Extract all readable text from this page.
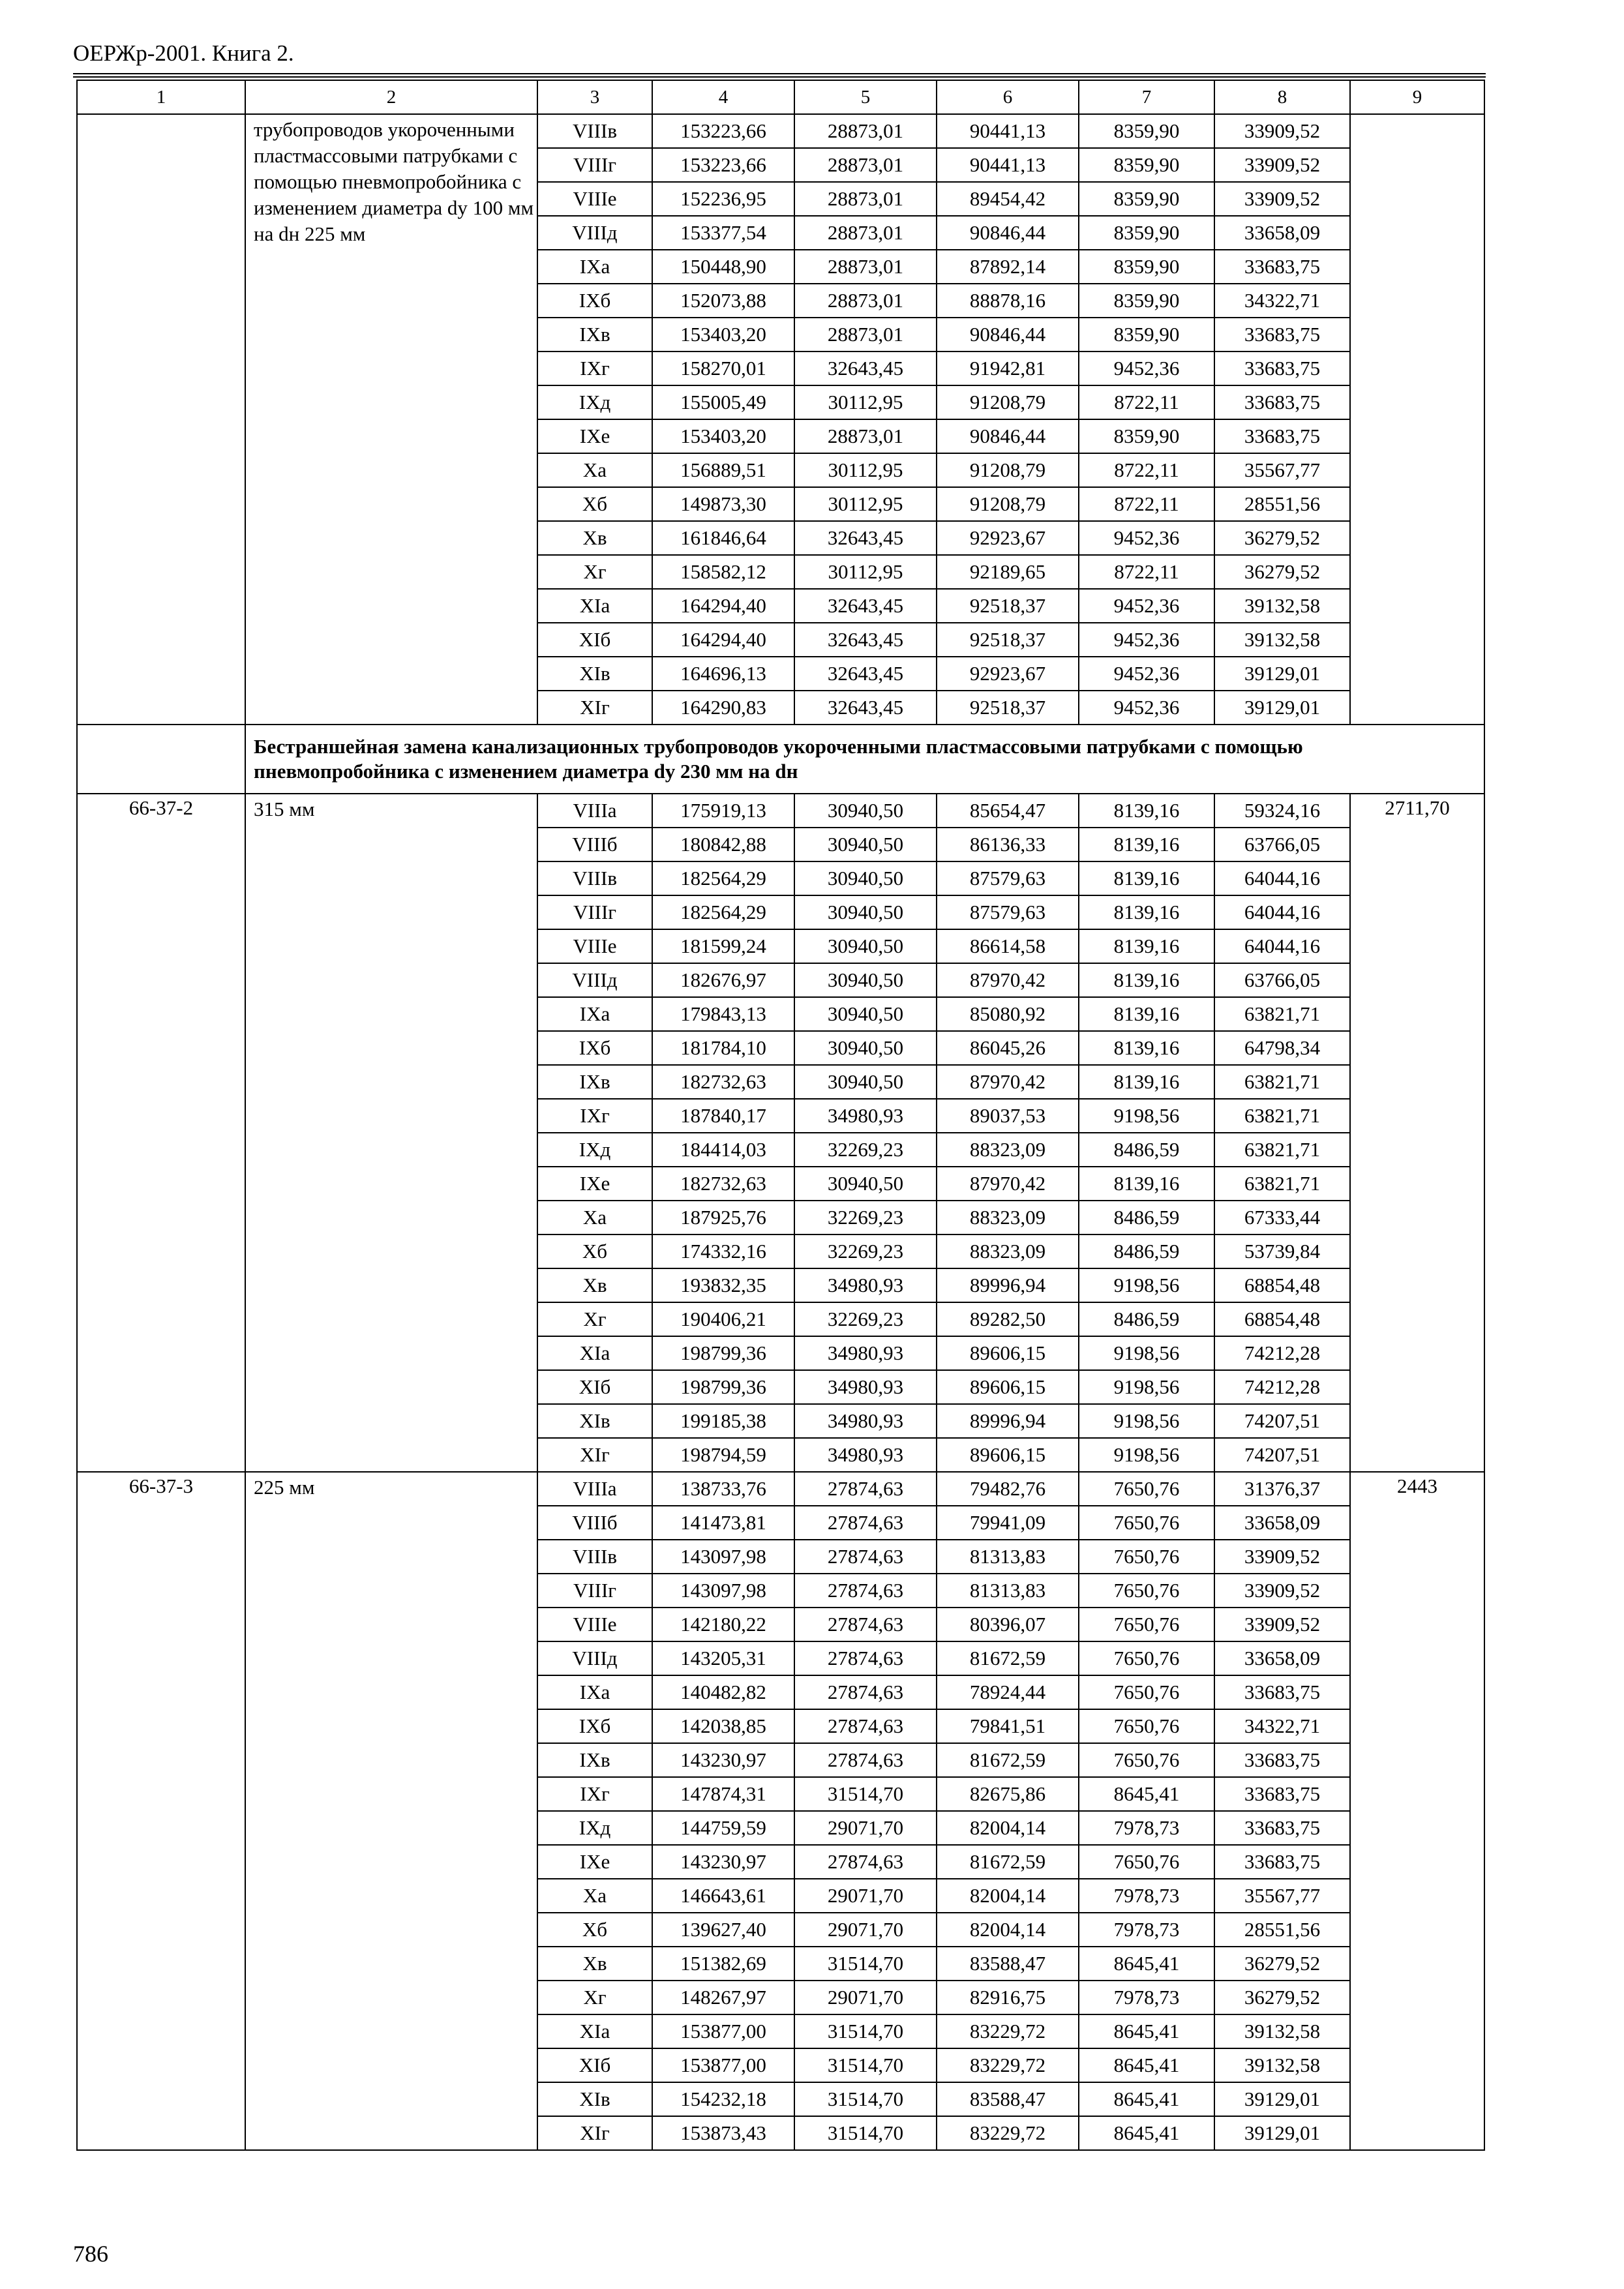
ОЕРЖр-2001. Книга 2.
1	2	3	4	5	6	7	8	9
	трубопроводов укороченными пластмассовыми патрубками с помощью пневмопробойника с изменением диаметра dу 100 мм на dн 225 мм	VIIIв	153223,66	28873,01	90441,13	8359,90	33909,52	
		VIIIг	153223,66	28873,01	90441,13	8359,90	33909,52	
		VIIIе	152236,95	28873,01	89454,42	8359,90	33909,52	
		VIIIд	153377,54	28873,01	90846,44	8359,90	33658,09	
		IXа	150448,90	28873,01	87892,14	8359,90	33683,75	
		IXб	152073,88	28873,01	88878,16	8359,90	34322,71	
		IXв	153403,20	28873,01	90846,44	8359,90	33683,75	
		IXг	158270,01	32643,45	91942,81	9452,36	33683,75	
		IXд	155005,49	30112,95	91208,79	8722,11	33683,75	
		IXе	153403,20	28873,01	90846,44	8359,90	33683,75	
		Xа	156889,51	30112,95	91208,79	8722,11	35567,77	
		Xб	149873,30	30112,95	91208,79	8722,11	28551,56	
		Xв	161846,64	32643,45	92923,67	9452,36	36279,52	
		Xг	158582,12	30112,95	92189,65	8722,11	36279,52	
		XIа	164294,40	32643,45	92518,37	9452,36	39132,58	
		XIб	164294,40	32643,45	92518,37	9452,36	39132,58	
		XIв	164696,13	32643,45	92923,67	9452,36	39129,01	
		XIг	164290,83	32643,45	92518,37	9452,36	39129,01	
	Бестраншейная замена канализационных трубопроводов укороченными пластмассовыми патрубками с помощью пневмопробойника с изменением диаметра dу 230 мм на dн							
66-37-2	315 мм	VIIIа	175919,13	30940,50	85654,47	8139,16	59324,16	2711,70
		VIIIб	180842,88	30940,50	86136,33	8139,16	63766,05	
		VIIIв	182564,29	30940,50	87579,63	8139,16	64044,16	
		VIIIг	182564,29	30940,50	87579,63	8139,16	64044,16	
		VIIIе	181599,24	30940,50	86614,58	8139,16	64044,16	
		VIIIд	182676,97	30940,50	87970,42	8139,16	63766,05	
		IXа	179843,13	30940,50	85080,92	8139,16	63821,71	
		IXб	181784,10	30940,50	86045,26	8139,16	64798,34	
		IXв	182732,63	30940,50	87970,42	8139,16	63821,71	
		IXг	187840,17	34980,93	89037,53	9198,56	63821,71	
		IXд	184414,03	32269,23	88323,09	8486,59	63821,71	
		IXе	182732,63	30940,50	87970,42	8139,16	63821,71	
		Xа	187925,76	32269,23	88323,09	8486,59	67333,44	
		Xб	174332,16	32269,23	88323,09	8486,59	53739,84	
		Xв	193832,35	34980,93	89996,94	9198,56	68854,48	
		Xг	190406,21	32269,23	89282,50	8486,59	68854,48	
		XIа	198799,36	34980,93	89606,15	9198,56	74212,28	
		XIб	198799,36	34980,93	89606,15	9198,56	74212,28	
		XIв	199185,38	34980,93	89996,94	9198,56	74207,51	
		XIг	198794,59	34980,93	89606,15	9198,56	74207,51	
66-37-3	225 мм	VIIIа	138733,76	27874,63	79482,76	7650,76	31376,37	2443
		VIIIб	141473,81	27874,63	79941,09	7650,76	33658,09	
		VIIIв	143097,98	27874,63	81313,83	7650,76	33909,52	
		VIIIг	143097,98	27874,63	81313,83	7650,76	33909,52	
		VIIIе	142180,22	27874,63	80396,07	7650,76	33909,52	
		VIIIд	143205,31	27874,63	81672,59	7650,76	33658,09	
		IXа	140482,82	27874,63	78924,44	7650,76	33683,75	
		IXб	142038,85	27874,63	79841,51	7650,76	34322,71	
		IXв	143230,97	27874,63	81672,59	7650,76	33683,75	
		IXг	147874,31	31514,70	82675,86	8645,41	33683,75	
		IXд	144759,59	29071,70	82004,14	7978,73	33683,75	
		IXе	143230,97	27874,63	81672,59	7650,76	33683,75	
		Xа	146643,61	29071,70	82004,14	7978,73	35567,77	
		Xб	139627,40	29071,70	82004,14	7978,73	28551,56	
		Xв	151382,69	31514,70	83588,47	8645,41	36279,52	
		Xг	148267,97	29071,70	82916,75	7978,73	36279,52	
		XIа	153877,00	31514,70	83229,72	8645,41	39132,58	
		XIб	153877,00	31514,70	83229,72	8645,41	39132,58	
		XIв	154232,18	31514,70	83588,47	8645,41	39129,01	
		XIг	153873,43	31514,70	83229,72	8645,41	39129,01	
786
